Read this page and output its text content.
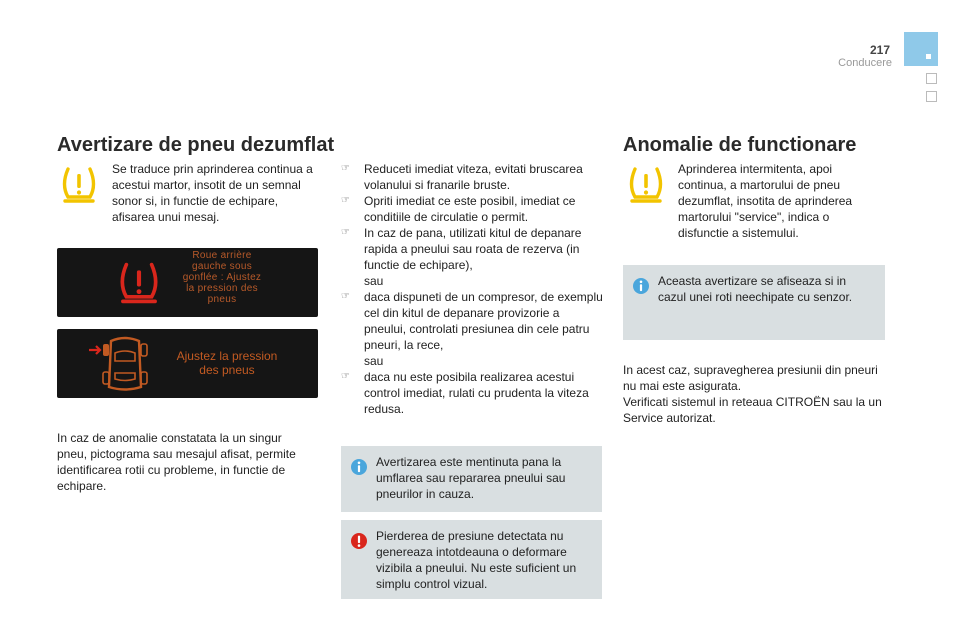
217
Conducere
Avertizare de pneu dezumflat
Se traduce prin aprinderea continua a acestui martor, insotit de un semnal sonor si, in functie de echipare, afisarea unui mesaj.
Roue arrière
gauche sous
gonflée : Ajustez
la pression des
pneus
Ajustez la pression
des pneus
In caz de anomalie constatata la un singur pneu, pictograma sau mesajul afisat, permite identificarea rotii cu probleme, in functie de echipare.
☞ Reduceti imediat viteza, evitati bruscarea volanului si franarile bruste.
☞ Opriti imediat ce este posibil, imediat ce conditiile de circulatie o permit.
☞ In caz de pana, utilizati kitul de depanare rapida a pneului sau roata de rezerva (in functie de echipare),
sau
☞ daca dispuneti de un compresor, de exemplu cel din kitul de depanare provizorie a pneului, controlati presiunea din cele patru pneuri, la rece,
sau
☞ daca nu este posibila realizarea acestui control imediat, rulati cu prudenta la viteza redusa.
Avertizarea este mentinuta pana la umflarea sau repararea pneului sau pneurilor in cauza.
Pierderea de presiune detectata nu genereaza intotdeauna o deformare vizibila a pneului. Nu este suficient un simplu control vizual.
Anomalie de functionare
Aprinderea intermitenta, apoi continua, a martorului de pneu dezumflat, insotita de aprinderea martorului "service", indica o disfunctie a sistemului.
Aceasta avertizare se afiseaza si in cazul unei roti neechipate cu senzor.
In acest caz, supravegherea presiunii din pneuri nu mai este asigurata.
Verificati sistemul in reteaua CITROËN sau la un Service autorizat.
